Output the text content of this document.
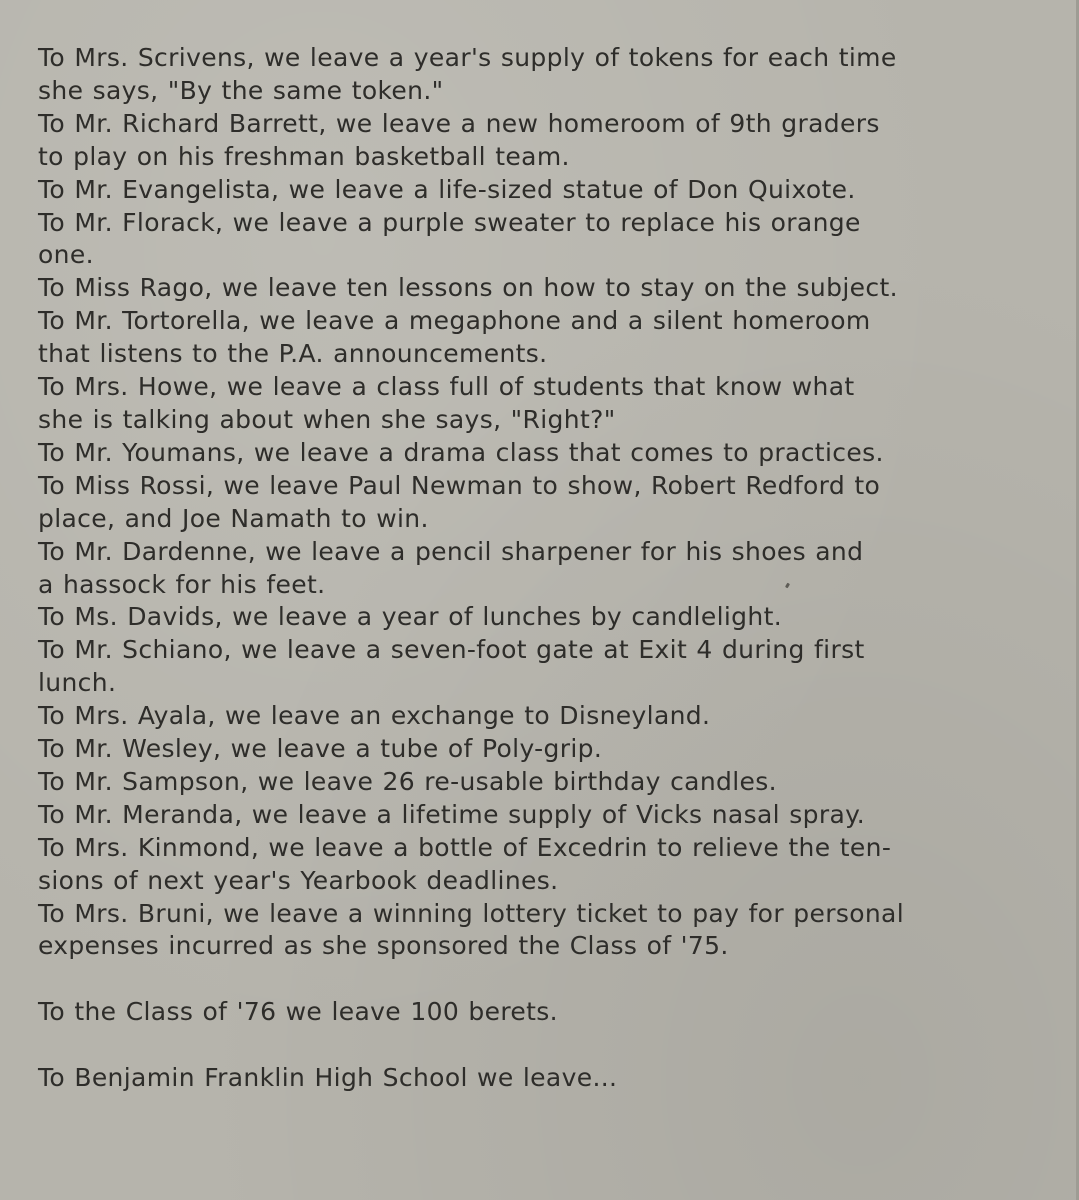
To Mrs. Scrivens, we leave a year's supply of tokens for each time
she says, "By the same token."
To Mr. Richard Barrett, we leave a new homeroom of 9th graders
to play on his freshman basketball team.
To Mr. Evangelista, we leave a life-sized statue of Don Quixote.
To Mr. Florack, we leave a purple sweater to replace his orange
one.
To Miss Rago, we leave ten lessons on how to stay on the subject.
To Mr. Tortorella, we leave a megaphone and a silent homeroom
that listens to the P.A. announcements.
To Mrs. Howe, we leave a class full of students that know what
she is talking about when she says, "Right?"
To Mr. Youmans, we leave a drama class that comes to practices.
To Miss Rossi, we leave Paul Newman to show, Robert Redford to
place, and Joe Namath to win.
To Mr. Dardenne, we leave a pencil sharpener for his shoes and
a hassock for his feet.
To Ms. Davids, we leave a year of lunches by candlelight.
To Mr. Schiano, we leave a seven-foot gate at Exit 4 during first
lunch.
To Mrs. Ayala, we leave an exchange to Disneyland.
To Mr. Wesley, we leave a tube of Poly-grip.
To Mr. Sampson, we leave 26 re-usable birthday candles.
To Mr. Meranda, we leave a lifetime supply of Vicks nasal spray.
To Mrs. Kinmond, we leave a bottle of Excedrin to relieve the ten-
sions of next year's Yearbook deadlines.
To Mrs. Bruni, we leave a winning lottery ticket to pay for personal
expenses incurred as she sponsored the Class of '75.
To the Class of '76 we leave 100 berets.
To Benjamin Franklin High School we leave...
